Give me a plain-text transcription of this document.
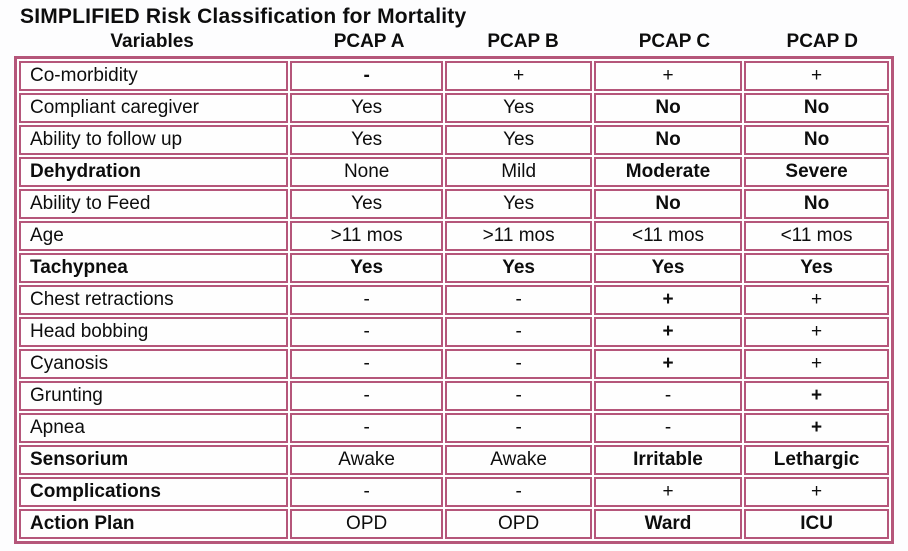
SIMPLIFIED Risk Classification for Mortality
Variables	PCAP A	PCAP B	PCAP C	PCAP D
Co-morbidity	-	+	+	+
Compliant caregiver	Yes	Yes	No	No
Ability to follow up	Yes	Yes	No	No
Dehydration	None	Mild	Moderate	Severe
Ability to Feed	Yes	Yes	No	No
Age	>11 mos	>11 mos	<11 mos	<11 mos
Tachypnea	Yes	Yes	Yes	Yes
Chest retractions	-	-	+	+
Head bobbing	-	-	+	+
Cyanosis	-	-	+	+
Grunting	-	-	-	+
Apnea	-	-	-	+
Sensorium	Awake	Awake	Irritable	Lethargic
Complications	-	-	+	+
Action Plan	OPD	OPD	Ward	ICU
